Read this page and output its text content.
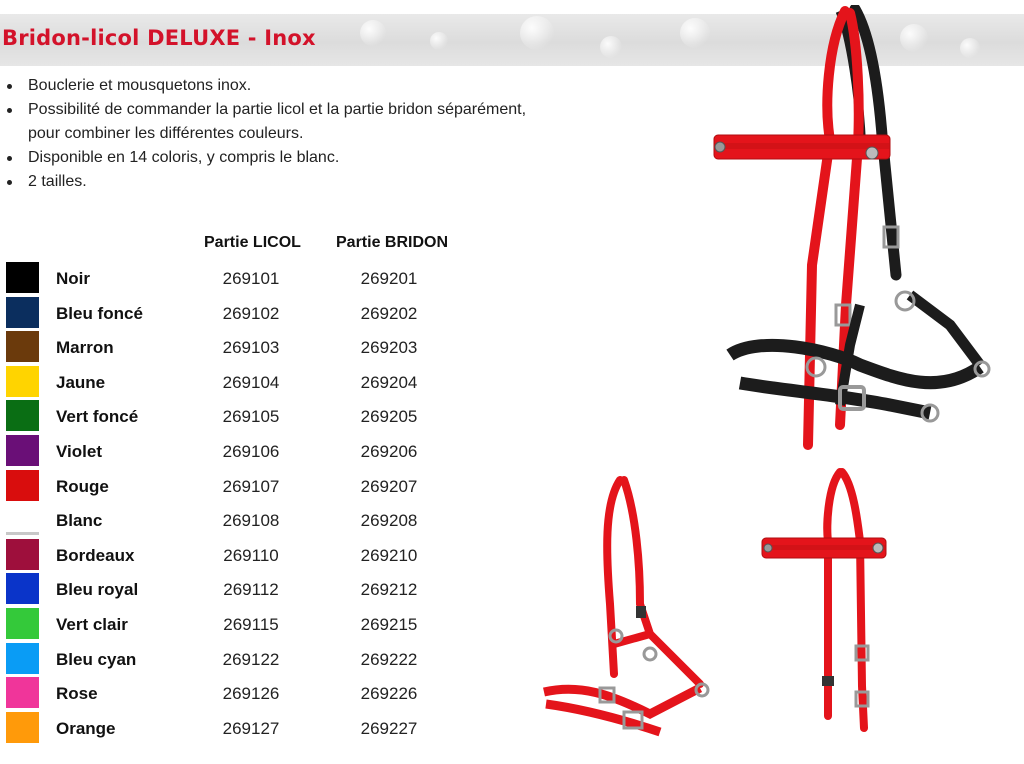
Bridon-licol DELUXE - Inox
Bouclerie et mousquetons inox.
Possibilité de commander la partie licol et la partie bridon séparément,
pour combiner les différentes couleurs.
Disponible en 14 coloris, y compris le blanc.
2 tailles.
Partie LICOL Partie BRIDON
Noir	269101	269201
Bleu foncé	269102	269202
Marron	269103	269203
Jaune	269104	269204
Vert foncé	269105	269205
Violet	269106	269206
Rouge	269107	269207
Blanc	269108	269208
Bordeaux	269110	269210
Bleu royal	269112	269212
Vert clair	269115	269215
Bleu cyan	269122	269222
Rose	269126	269226
Orange	269127	269227
